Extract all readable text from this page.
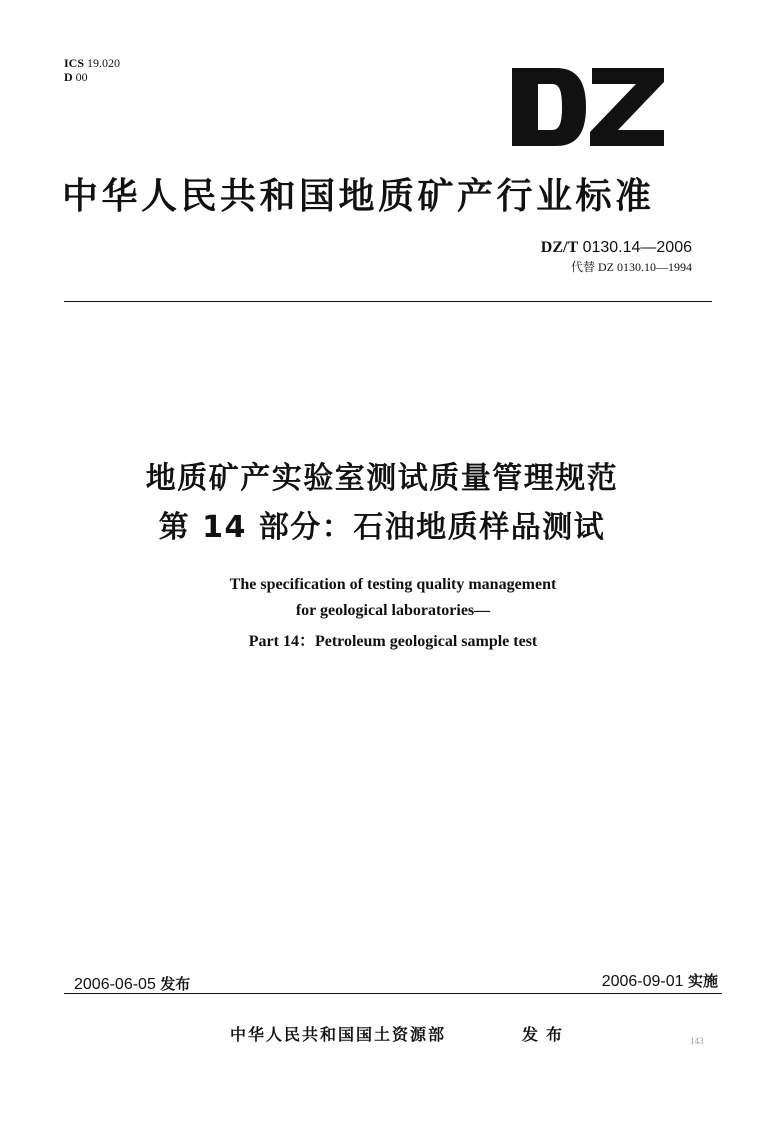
ICS 19.020
D 00
中华人民共和国地质矿产行业标准
DZ/T 0130.14—2006
代替 DZ 0130.10—1994
地质矿产实验室测试质量管理规范
第 14 部分：石油地质样品测试
The specification of testing quality management
for geological laboratories—
Part 14：Petroleum geological sample test
2006-06-05 发布	2006-09-01 实施
中华人民共和国国土资源部	发布	143
